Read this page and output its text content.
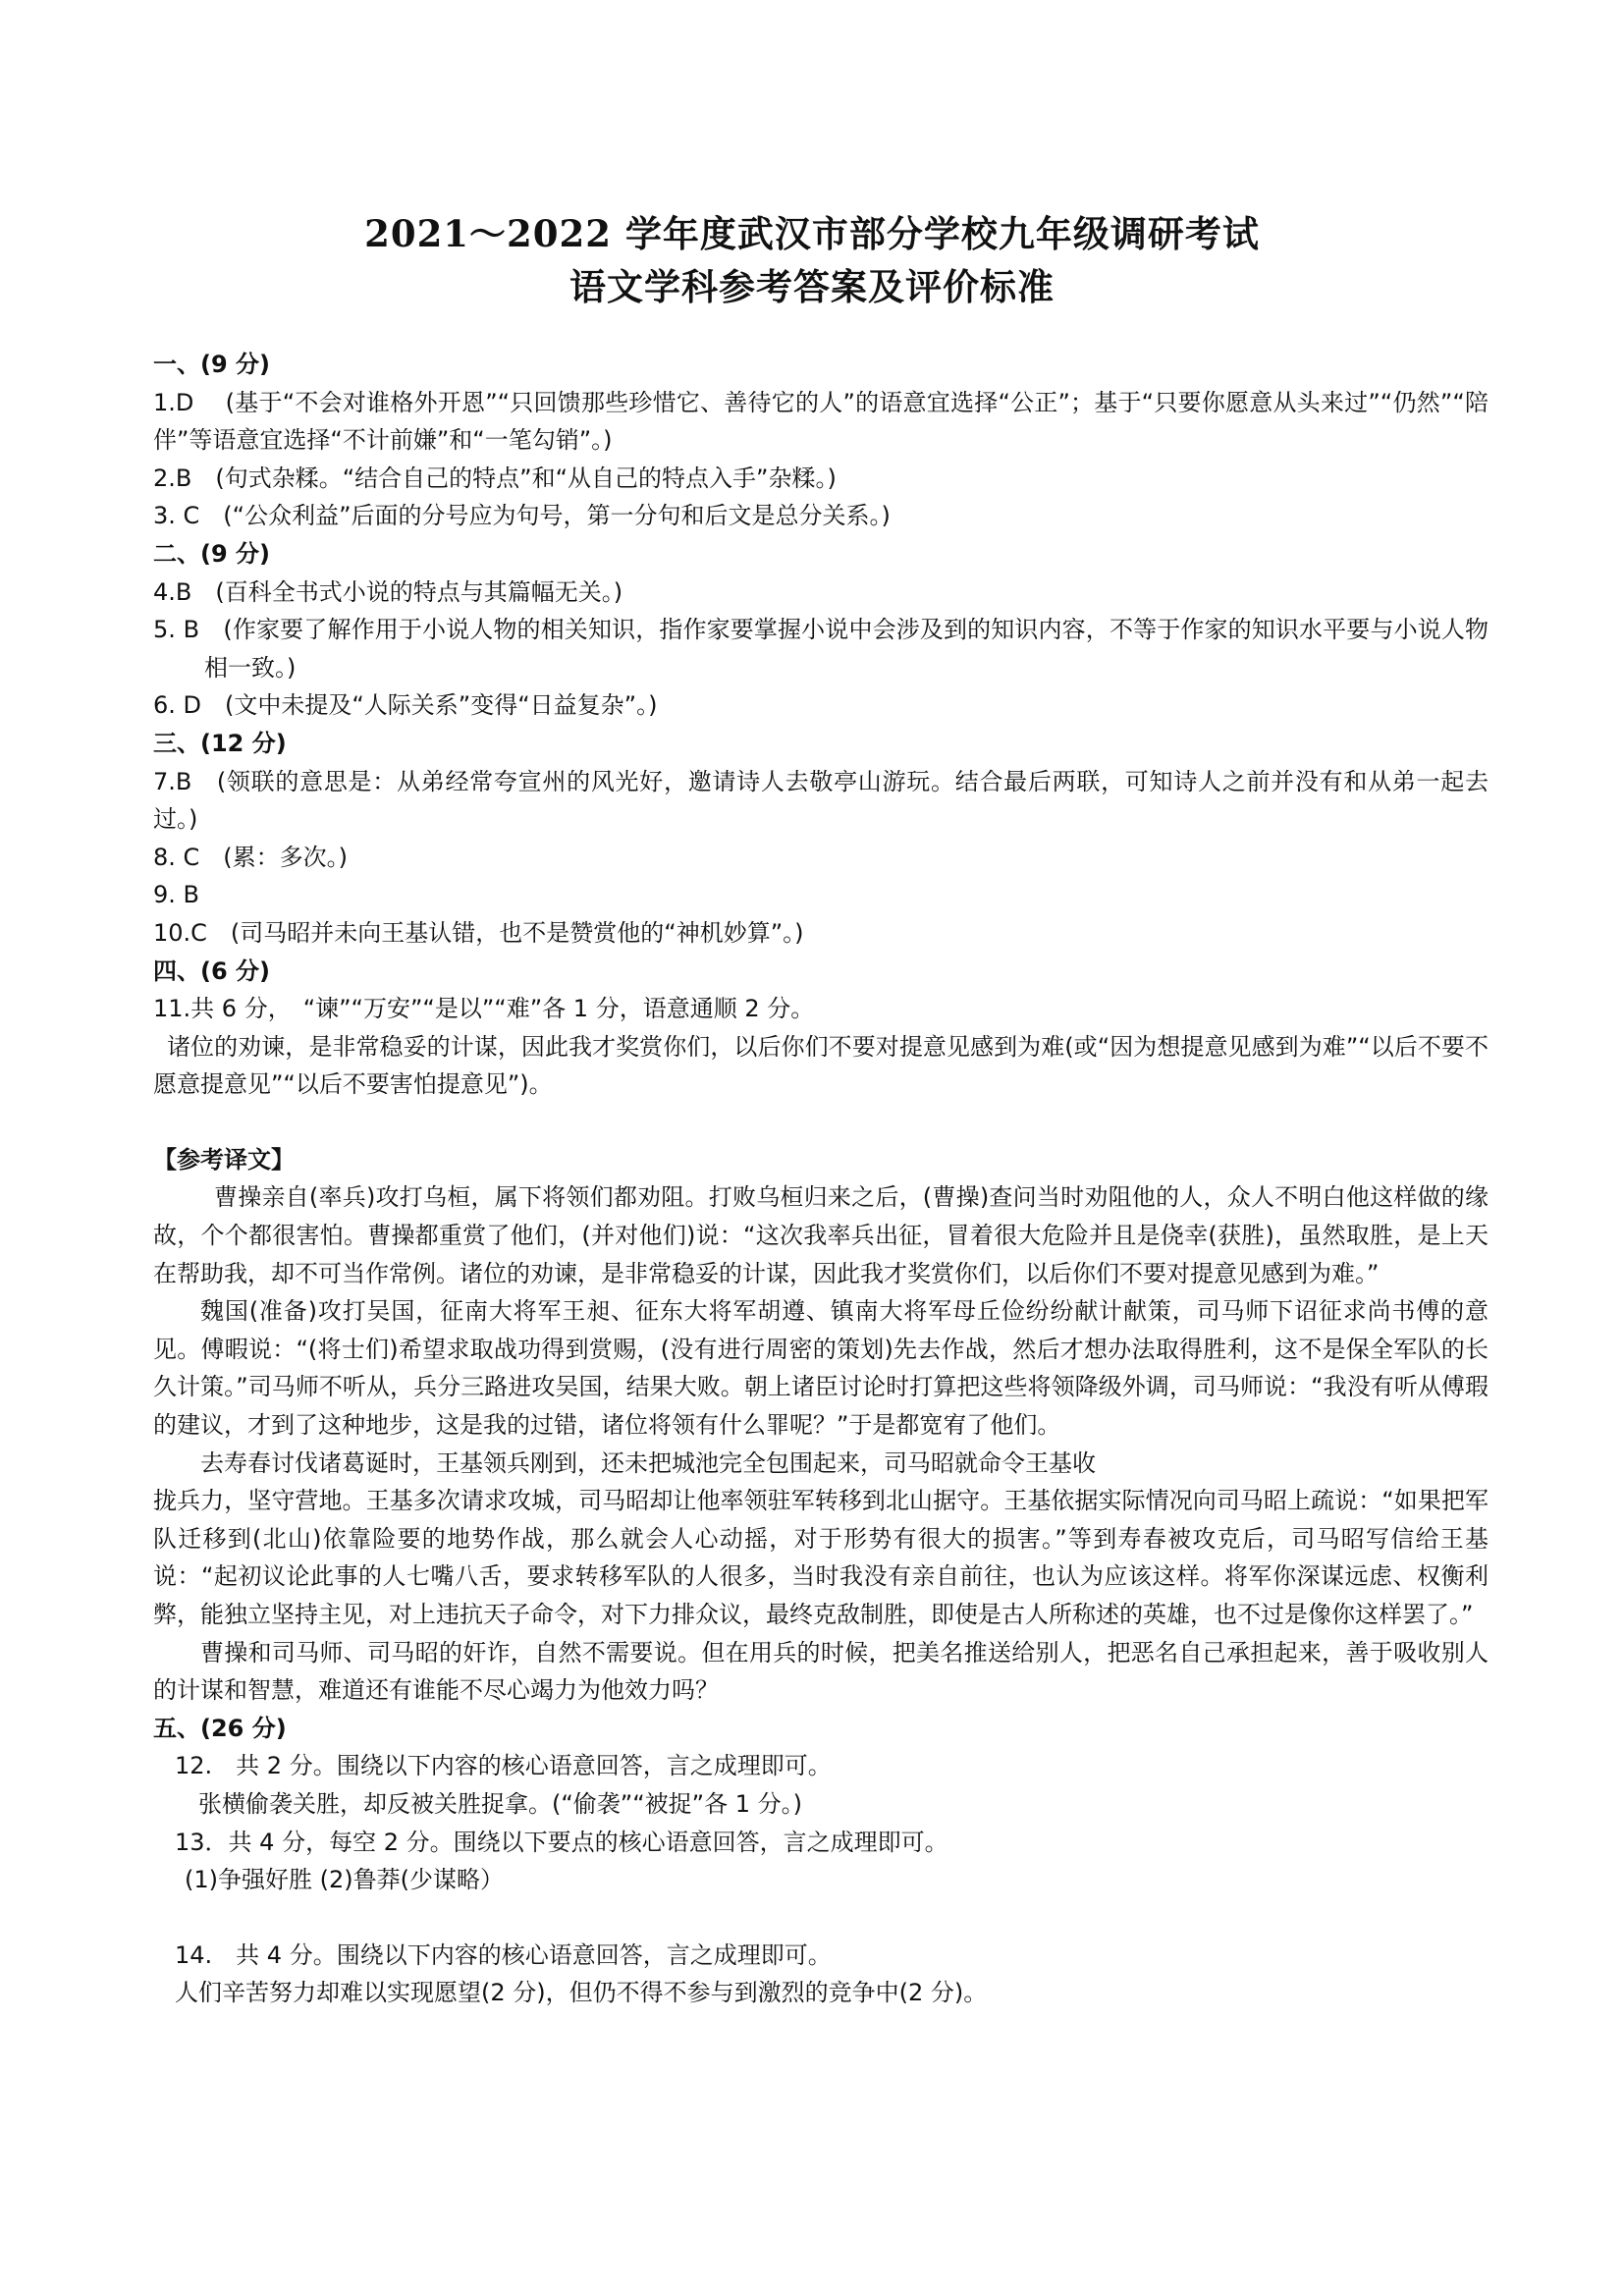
2021～2022 学年度武汉市部分学校九年级调研考试
语文学科参考答案及评价标准

一、(9 分)

1.D　 (基于“不会对谁格外开恩”“只回馈那些珍惜它、善待它的人”的语意宜选择“公正”；基于“只要你愿意从头来过”“仍然”“陪伴”等语意宜选择“不计前嫌”和“一笔勾销”。)

2.B　(句式杂糅。“结合自己的特点”和“从自己的特点入手”杂糅。)

3. C　(“公众利益”后面的分号应为句号，第一分句和后文是总分关系。)

二、(9 分)

4.B　(百科全书式小说的特点与其篇幅无关。)

5. B　(作家要了解作用于小说人物的相关知识，指作家要掌握小说中会涉及到的知识内容，不等于作家的知识水平要与小说人物相一致。)

6. D　(文中未提及“人际关系”变得“日益复杂”。)

三、(12 分)

7.B　(领联的意思是：从弟经常夸宣州的风光好，邀请诗人去敬亭山游玩。结合最后两联，可知诗人之前并没有和从弟一起去过。)

8. C　(累：多次。)

9. B

10.C　(司马昭并未向王基认错，也不是赞赏他的“神机妙算”。)

四、(6 分)

11.共 6 分，　“谏”“万安”“是以”“难”各 1 分，语意通顺 2 分。

诸位的劝谏，是非常稳妥的计谋，因此我才奖赏你们，以后你们不要对提意见感到为难(或“因为想提意见感到为难”“以后不要不愿意提意见”“以后不要害怕提意见”)。

【参考译文】

曹操亲自(率兵)攻打乌桓，属下将领们都劝阻。打败乌桓归来之后，(曹操)查问当时劝阻他的人，众人不明白他这样做的缘故，个个都很害怕。曹操都重赏了他们，(并对他们)说：“这次我率兵出征，冒着很大危险并且是侥幸(获胜)，虽然取胜，是上天在帮助我，却不可当作常例。诸位的劝谏，是非常稳妥的计谋，因此我才奖赏你们，以后你们不要对提意见感到为难。”

魏国(准备)攻打吴国，征南大将军王昶、征东大将军胡遵、镇南大将军母丘俭纷纷献计献策，司马师下诏征求尚书傅的意见。傅暇说：“(将士们)希望求取战功得到赏赐，(没有进行周密的策划)先去作战，然后才想办法取得胜利，这不是保全军队的长久计策。”司马师不听从，兵分三路进攻吴国，结果大败。朝上诸臣讨论时打算把这些将领降级外调，司马师说：“我没有听从傅瑕的建议，才到了这种地步，这是我的过错，诸位将领有什么罪呢？”于是都宽宥了他们。

去寿春讨伐诸葛诞时，王基领兵刚到，还未把城池完全包围起来，司马昭就命令王基收

拢兵力，坚守营地。王基多次请求攻城，司马昭却让他率领驻军转移到北山据守。王基依据实际情况向司马昭上疏说：“如果把军队迁移到(北山)依靠险要的地势作战，那么就会人心动摇，对于形势有很大的损害。”等到寿春被攻克后，司马昭写信给王基说：“起初议论此事的人七嘴八舌，要求转移军队的人很多，当时我没有亲自前往，也认为应该这样。将军你深谋远虑、权衡利弊，能独立坚持主见，对上违抗天子命令，对下力排众议，最终克敌制胜，即使是古人所称述的英雄，也不过是像你这样罢了。”

曹操和司马师、司马昭的奸诈，自然不需要说。但在用兵的时候，把美名推送给别人，把恶名自己承担起来，善于吸收别人的计谋和智慧，难道还有谁能不尽心竭力为他效力吗？

五、(26 分)

12.　共 2 分。围绕以下内容的核心语意回答，言之成理即可。

张横偷袭关胜，却反被关胜捉拿。(“偷袭”“被捉”各 1 分。)

13．共 4 分，每空 2 分。围绕以下要点的核心语意回答，言之成理即可。

(1)争强好胜 (2)鲁莽(少谋略）

14.　共 4 分。围绕以下内容的核心语意回答，言之成理即可。

人们辛苦努力却难以实现愿望(2 分)，但仍不得不参与到激烈的竞争中(2 分)。
